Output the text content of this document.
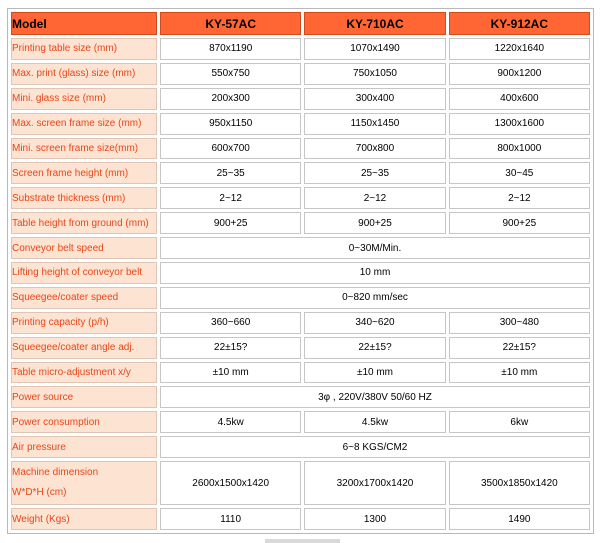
Model	KY-57AC	KY-710AC	KY-912AC
Printing table size (mm)	870x1190	1070x1490	1220x1640
Max. print (glass) size (mm)	550x750	750x1050	900x1200
Mini. glass size (mm)	200x300	300x400	400x600
Max. screen frame size (mm)	950x1150	1150x1450	1300x1600
Mini. screen frame size(mm)	600x700	700x800	800x1000
Screen frame height (mm)	25~35	25~35	30~45
Substrate thickness (mm)	2~12	2~12	2~12
Table height from ground (mm)	900+25	900+25	900+25
Conveyor belt speed	0~30M/Min.		
Lifting height of conveyor belt	10 mm		
Squeegee/coater speed	0~820 mm/sec		
Printing capacity (p/h)	360~660	340~620	300~480
Squeegee/coater angle adj.	22±15?	22±15?	22±15?
Table micro-adjustment x/y	±10 mm	±10 mm	±10 mm
Power source	3φ , 220V/380V 50/60 HZ		
Power consumption	4.5kw	4.5kw	6kw
Air pressure	6~8 KGS/CM2		

Machine dimension
W*D*H (cm)	2600x1500x1420	3200x1700x1420	3500x1850x1420
Weight (Kgs)	1110	1300	1490
